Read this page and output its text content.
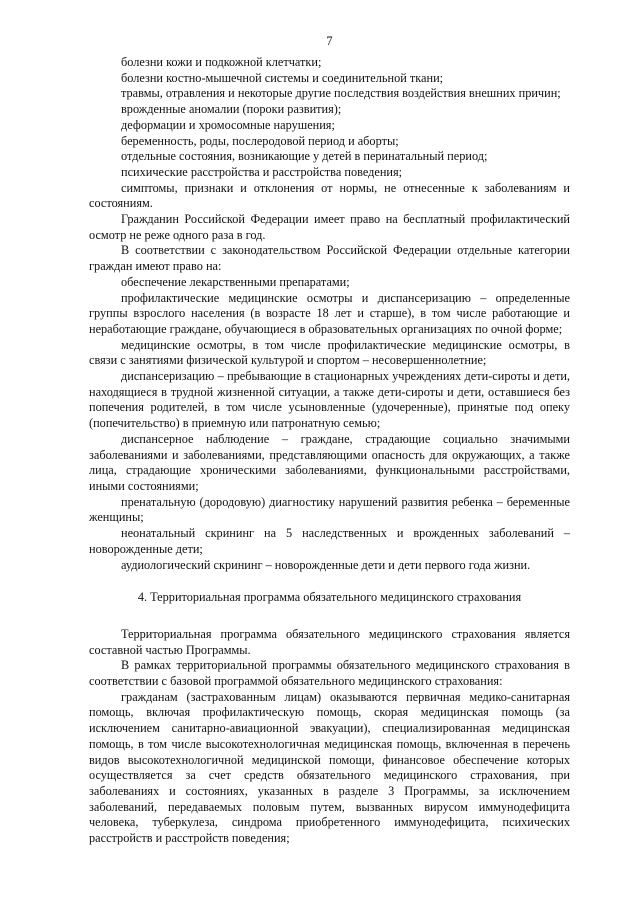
7

болезни кожи и подкожной клетчатки;

болезни костно-мышечной системы и соединительной ткани;

травмы, отравления и некоторые другие последствия воздействия внешних причин;

врожденные аномалии (пороки развития);

деформации и хромосомные нарушения;

беременность, роды, послеродовой период и аборты;

отдельные состояния, возникающие у детей в перинатальный период;

психические расстройства и расстройства поведения;

симптомы, признаки и отклонения от нормы, не отнесенные к заболеваниям и состояниям.

Гражданин Российской Федерации имеет право на бесплатный профилактический осмотр не реже одного раза в год.

В соответствии с законодательством Российской Федерации отдельные категории граждан имеют право на:

обеспечение лекарственными препаратами;

профилактические медицинские осмотры и диспансеризацию – определенные группы взрослого населения (в возрасте 18 лет и старше), в том числе работающие и неработающие граждане, обучающиеся в образовательных организациях по очной форме;

медицинские осмотры, в том числе профилактические медицинские осмотры, в связи с занятиями физической культурой и спортом – несовершеннолетние;

диспансеризацию – пребывающие в стационарных учреждениях дети-сироты и дети, находящиеся в трудной жизненной ситуации, а также дети-сироты и дети, оставшиеся без попечения родителей, в том числе усыновленные (удочеренные), принятые под опеку (попечительство) в приемную или патронатную семью;

диспансерное наблюдение – граждане, страдающие социально значимыми заболеваниями и заболеваниями, представляющими опасность для окружающих, а также лица, страдающие хроническими заболеваниями, функциональными расстройствами, иными состояниями;

пренатальную (дородовую) диагностику нарушений развития ребенка – беременные женщины;

неонатальный скрининг на 5 наследственных и врожденных заболеваний – новорожденные дети;

аудиологический скрининг – новорожденные дети и дети первого года жизни.

4. Территориальная программа обязательного медицинского страхования

Территориальная программа обязательного медицинского страхования является составной частью Программы.

В рамках территориальной программы обязательного медицинского страхования в соответствии с базовой программой обязательного медицинского страхования:

гражданам (застрахованным лицам) оказываются первичная медико-санитарная помощь, включая профилактическую помощь, скорая медицинская помощь (за исключением санитарно-авиационной эвакуации), специализированная медицинская помощь, в том числе высокотехнологичная медицинская помощь, включенная в перечень видов высокотехнологичной медицинской помощи, финансовое обеспечение которых осуществляется за счет средств обязательного медицинского страхования, при заболеваниях и состояниях, указанных в разделе 3 Программы, за исключением заболеваний, передаваемых половым путем, вызванных вирусом иммунодефицита человека, туберкулеза, синдрома приобретенного иммунодефицита, психических расстройств и расстройств поведения;
